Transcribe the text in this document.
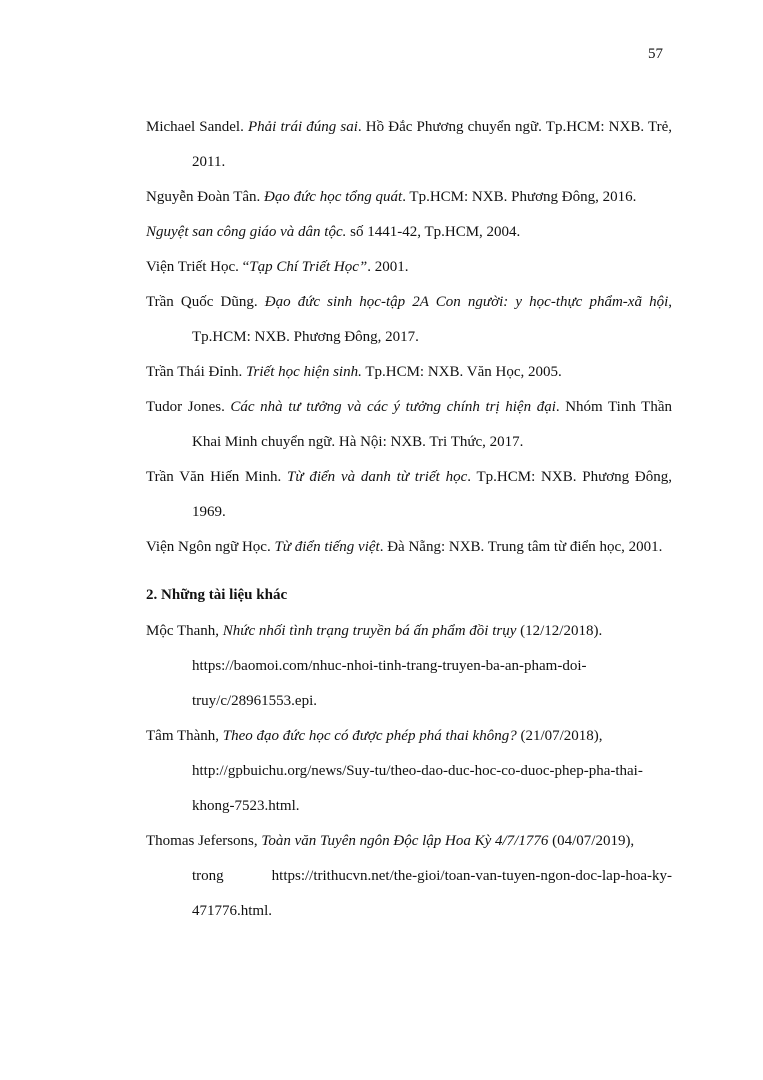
57
Michael Sandel. Phải trái đúng sai. Hồ Đắc Phương chuyển ngữ. Tp.HCM: NXB. Trẻ, 2011.
Nguyễn Đoàn Tân. Đạo đức học tổng quát. Tp.HCM: NXB. Phương Đông, 2016.
Nguyệt san công giáo và dân tộc. số 1441-42, Tp.HCM, 2004.
Viện Triết Học. “Tạp Chí Triết Học”. 2001.
Trần Quốc Dũng. Đạo đức sinh học-tập 2A Con người: y học-thực phẩm-xã hội, Tp.HCM: NXB. Phương Đông, 2017.
Trần Thái Đỉnh. Triết học hiện sinh. Tp.HCM: NXB. Văn Học, 2005.
Tudor Jones. Các nhà tư tưởng và các ý tưởng chính trị hiện đại. Nhóm Tinh Thần Khai Minh chuyển ngữ. Hà Nội: NXB. Tri Thức, 2017.
Trần Văn Hiến Minh. Từ điển và danh từ triết học. Tp.HCM: NXB. Phương Đông, 1969.
Viện Ngôn ngữ Học. Từ điển tiếng việt. Đà Nẵng: NXB. Trung tâm từ điển học, 2001.
2. Những tài liệu khác
Mộc Thanh, Nhức nhối tình trạng truyền bá ấn phẩm đồi trụy (12/12/2018).
https://baomoi.com/nhuc-nhoi-tinh-trang-truyen-ba-an-pham-doi-
truy/c/28961553.epi.
Tâm Thành, Theo đạo đức học có được phép phá thai không? (21/07/2018),
http://gpbuichu.org/news/Suy-tu/theo-dao-duc-hoc-co-duoc-phep-pha-thai-
khong-7523.html.
Thomas Jefersons, Toàn văn Tuyên ngôn Độc lập Hoa Kỳ 4/7/1776 (04/07/2019),
trong	https://trithucvn.net/the-gioi/toan-van-tuyen-ngon-doc-lap-hoa-ky-
471776.html.
